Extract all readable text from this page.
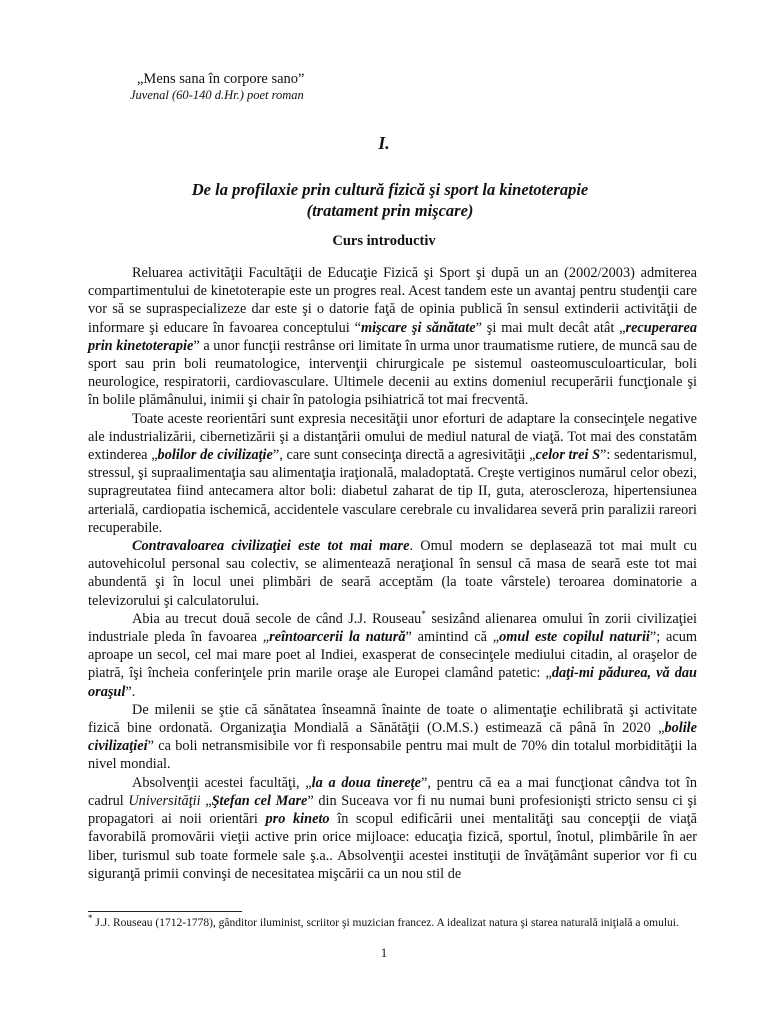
„Mens sana în corpore sano”
Juvenal (60-140 d.Hr.) poet roman
I.
De la profilaxie prin cultură fizică şi sport la kinetoterapie
(tratament prin mişcare)
Curs introductiv

Reluarea activităţii Facultăţii de Educaţie Fizică şi Sport şi după un an (2002/2003) admiterea compartimentului de kinetoterapie este un progres real. Acest tandem este un avantaj pentru studenţii care vor să se supraspecializeze dar este şi o datorie faţă de opinia publică în sensul extinderii activităţii de informare şi educare în favoarea conceptului “mişcare şi sănătate” şi mai mult decât atât „recuperarea prin kinetoterapie” a unor funcţii restrânse ori limitate în urma unor traumatisme rutiere, de muncă sau de sport sau prin boli reumatologice, intervenţii chirurgicale pe sistemul oasteomusculoarticular, boli neurologice, respiratorii, cardiovasculare. Ultimele decenii au extins domeniul recuperării funcţionale şi în bolile plămânului, inimii şi chair în patologia psihiatrică tot mai frecventă.

Toate aceste reorientări sunt expresia necesităţii unor eforturi de adaptare la consecinţele negative ale industrializării, cibernetizării şi a distanţării omului de mediul natural de viaţă. Tot mai des constatăm extinderea „bolilor de civilizaţie”, care sunt consecinţa directă a agresivităţii „celor trei S”: sedentarismul, stressul, şi supraalimentaţia sau alimentaţia iraţională, maladoptată. Creşte vertiginos numărul celor obezi, supragreutatea fiind antecamera altor boli: diabetul zaharat de tip II, guta, ateroscleroza, hipertensiunea arterială, cardiopatia ischemică, accidentele vasculare cerebrale cu invalidarea severă prin paralizii rareori recuperabile.

Contravaloarea civilizaţiei este tot mai mare. Omul modern se deplasează tot mai mult cu autovehicolul personal sau colectiv, se alimentează neraţional în sensul că masa de seară este tot mai abundentă şi în locul unei plimbări de seară acceptăm (la toate vârstele) teroarea dominatorie a televizorului şi calculatorului.

Abia au trecut două secole de când J.J. Rouseau* sesizând alienarea omului în zorii civilizaţiei industriale pleda în favoarea „reîntoarcerii la natură” amintind că „omul este copilul naturii”; acum aproape un secol, cel mai mare poet al Indiei, exasperat de consecinţele mediului citadin, al oraşelor de piatră, îşi încheia conferinţele prin marile oraşe ale Europei clamând patetic: „daţi-mi pădurea, vă dau oraşul”.

De milenii se ştie că sănătatea înseamnă înainte de toate o alimentaţie echilibrată şi activitate fizică bine ordonată. Organizaţia Mondială a Sănătăţii (O.M.S.) estimează că până în 2020 „bolile civilizaţiei” ca boli netransmisibile vor fi responsabile pentru mai mult de 70% din totalul morbidităţii la nivel mondial.

Absolvenţii acestei facultăţi, „la a doua tinereţe”, pentru că ea a mai funcţionat cândva tot în cadrul Universităţii „Ştefan cel Mare” din Suceava vor fi nu numai buni profesionişti stricto sensu ci şi propagatori ai noii orientări pro kineto în scopul edificării unei mentalităţi sau concepţii de viaţă favorabilă promovării vieţii active prin orice mijloace: educaţia fizică, sportul, înotul, plimbările în aer liber, turismul sub toate formele sale ş.a.. Absolvenţii acestei instituţii de învăţământ superior vor fi cu siguranţă primii convinşi de necesitatea mişcării ca un nou stil de

* J.J. Rouseau (1712-1778), gânditor iluminist, scriitor şi muzician francez. A idealizat natura şi starea naturală iniţială a omului.
1
